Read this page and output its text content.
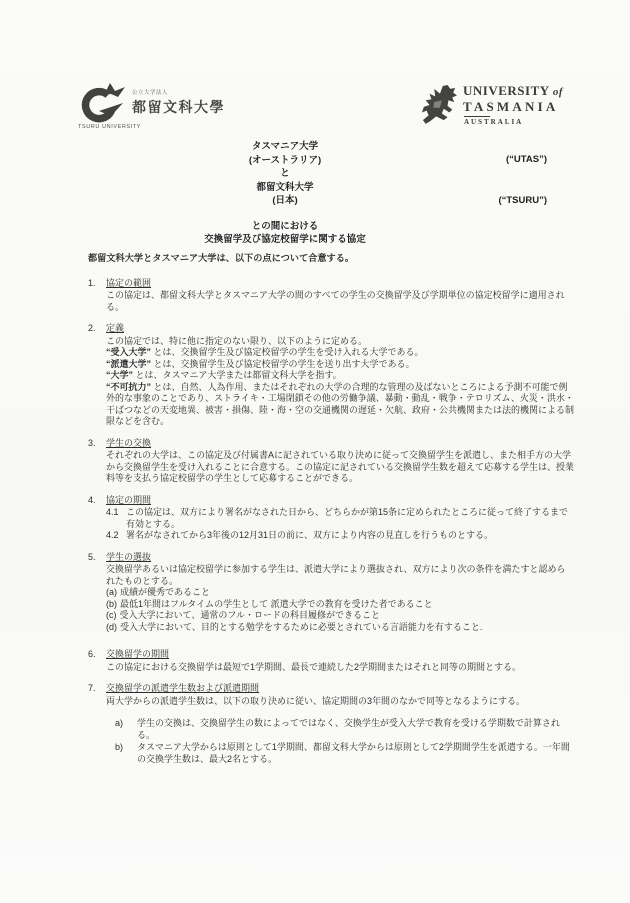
公立大学法人
都留文科大學
TSURU UNIVERSITY
UNIVERSITY of
TASMANIA
AUSTRALIA
タスマニア大学
(オーストラリア)
と
都留文科大学
(日本)
との間における
交換留学及び協定校留学に関する協定
(“UTAS”)
(“TSURU”)

都留文科大学とタスマニア大学は、以下の点について合意する。

1.	協定の範囲

この協定は、都留文科大学とタスマニア大学の間のすべての学生の交換留学及び学期単位の協定校留学に適用される。

2.	定義

この協定では、特に他に指定のない限り、以下のように定める。

“受入大学” とは、交換留学生及び協定校留学の学生を受け入れる大学である。

“派遣大学” とは、交換留学生及び協定校留学の学生を送り出す大学である。

“大学” とは、タスマニア大学または都留文科大学を指す。

“不可抗力” とは、自然、人為作用、またはそれぞれの大学の合理的な管理の及ばないところによる予測不可能で例外的な事象のことであり、ストライキ・工場閉鎖その他の労働争議、暴動・動乱・戦争・テロリズム、火災・洪水・干ばつなどの天変地異、被害・損傷、陸・海・空の交通機関の遅延・欠航、政府・公共機関または法的機関による制限などを含む。

3.	学生の交換

それぞれの大学は、この協定及び付属書Aに記されている取り決めに従って交換留学生を派遣し、また相手方の大学から交換留学生を受け入れることに合意する。この協定に記されている交換留学生数を超えて応募する学生は、授業料等を支払う協定校留学の学生として応募することができる。

4.	協定の期間
4.1 この協定は、双方により署名がなされた日から、どちらかが第15条に定められたところに従って終了するまで有効とする。
4.2 署名がなされてから3年後の12月31日の前に、双方により内容の見直しを行うものとする。
5.	学生の選抜

交換留学あるいは協定校留学に参加する学生は、派遣大学により選抜され、双方により次の条件を満たすと認められたものとする。

(a) 成績が優秀であること
(b) 最低1年間はフルタイムの学生として 派遣大学での教育を受けた者であること
(c) 受入大学において、通常のフル・ロードの科目履修ができること
(d) 受入大学において、目的とする勉学をするために必要とされている言語能力を有すること.
6.	交換留学の期間

この協定における交換留学は最短で1学期間、最長で連続した2学期間またはそれと同等の期間とする。

7.	交換留学の派遣学生数および派遣期間

両大学からの派遣学生数は、以下の取り決めに従い、協定期間の3年間のなかで同等となるようにする。

a)	学生の交換は、交換留学生の数によってではなく、交換学生が受入大学で教育を受ける学期数で計算される。
b)	タスマニア大学からは原則として1学期間、都留文科大学からは原則として2学期間学生を派遣する。一年間の交換学生数は、最大2名とする。
